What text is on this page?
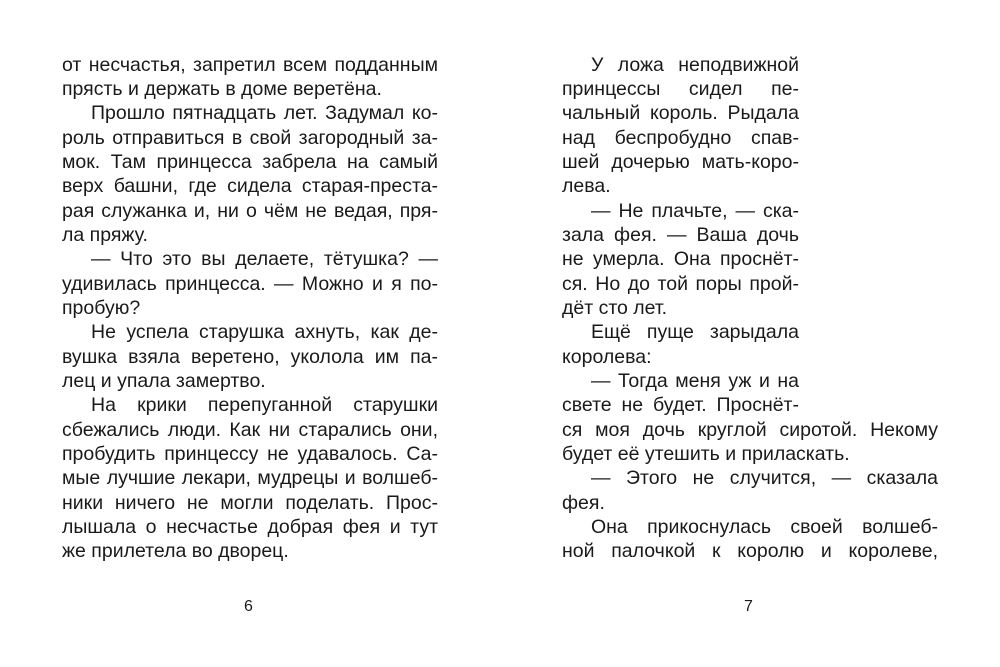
от несчастья, запретил всем подданным
прясть и держать в доме веретёна.
Прошло пятнадцать лет. Задумал ко-
роль отправиться в свой загородный за-
мок. Там принцесса забрела на самый
верх башни, где сидела старая-преста-
рая служанка и, ни о чём не ведая, пря-
ла пряжу.
— Что это вы делаете, тётушка? —
удивилась принцесса. — Можно и я по-
пробую?
Не успела старушка ахнуть, как де-
вушка взяла веретено, уколола им па-
лец и упала замертво.
На крики перепуганной старушки
сбежались люди. Как ни старались они,
пробудить принцессу не удавалось. Са-
мые лучшие лекари, мудрецы и волшеб-
ники ничего не могли поделать. Прос-
лышала о несчастье добрая фея и тут
же прилетела во дворец.
6
У ложа неподвижной
принцессы сидел пе-
чальный король. Рыдала
над беспробудно спав-
шей дочерью мать-коро-
лева.
— Не плачьте, — ска-
зала фея. — Ваша дочь
не умерла. Она проснёт-
ся. Но до той поры прой-
дёт сто лет.
Ещё пуще зарыдала
королева:
— Тогда меня уж и на
свете не будет. Проснёт-
ся моя дочь круглой сиротой. Некому
будет её утешить и приласкать.
— Этого не случится, — сказала
фея.
Она прикоснулась своей волшеб-
ной палочкой к королю и королеве,
7
